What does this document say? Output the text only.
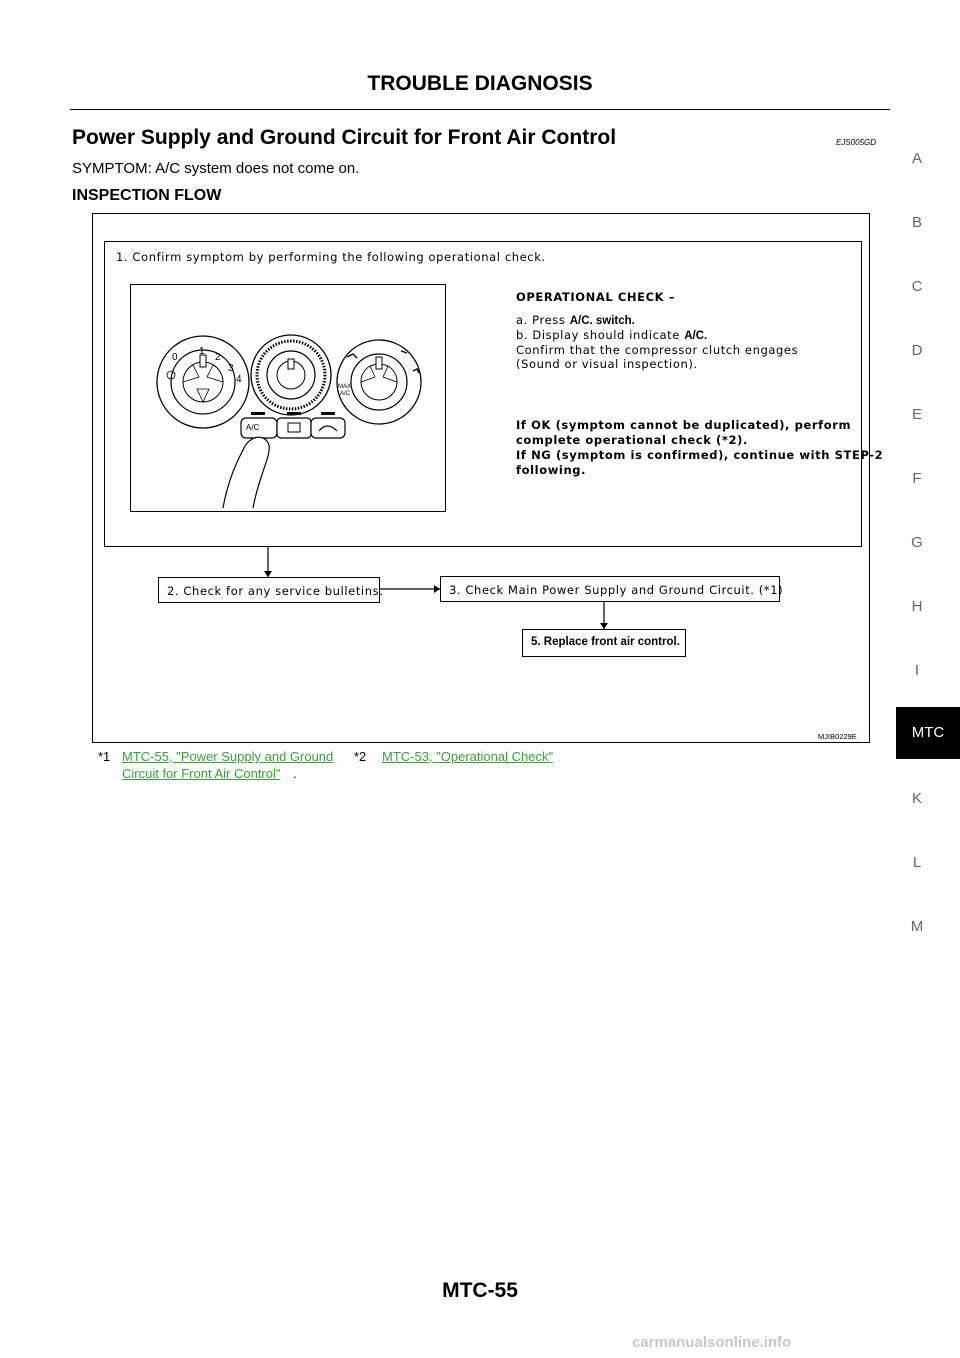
TROUBLE DIAGNOSIS
Power Supply and Ground Circuit for Front Air Control	EJS005GD
SYMPTOM: A/C system does not come on.
INSPECTION FLOW
A
B
C
D
E
F
G
H
I
K
L
M
MTC
1. Confirm symptom by performing the following operational check.
0
1
2
3
4
A/C
MAX
A/C
OPERATIONAL CHECK –
a. Press A/C. switch.
b. Display should indicate A/C.
Confirm that the compressor clutch engages
(Sound or visual inspection).
If OK (symptom cannot be duplicated), perform
complete operational check (*2).
If NG (symptom is confirmed), continue with STEP-2
following.
2. Check for any service bulletins.	3. Check Main Power Supply and Ground Circuit. (*1)
5. Replace front air control.
MJIB0229E
*1 MTC-55, "Power Supply and Ground
Circuit for Front Air Control" .
*2 MTC-53, "Operational Check"
MTC-55
carmanualsonline.info
